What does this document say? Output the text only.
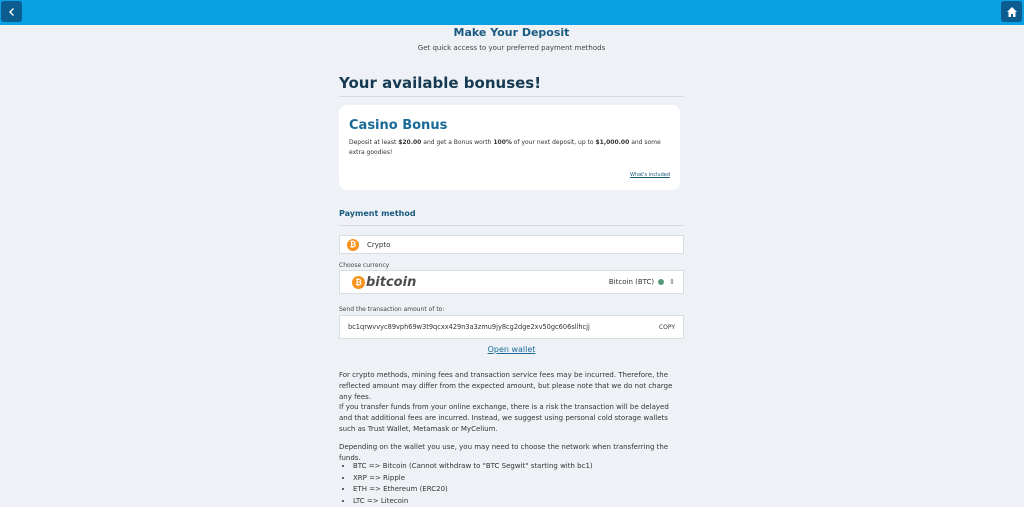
Make Your Deposit
Get quick access to your preferred payment methods
Your available bonuses!
Casino Bonus

Deposit at least $20.00 and get a Bonus worth 100% of your next deposit, up to $1,000.00 and some extra goodies!

What's included
Payment method
₿	Crypto
Choose currency
₿ bitcoin	Bitcoin (BTC) ⇕
Send the transaction amount of to:
bc1qrwvvyc89vph69w3t9qcxx429n3a3zmu9jy8cg2dge2xv50gc606sllhcjj	COPY
Open wallet
For crypto methods, mining fees and transaction service fees may be incurred. Therefore, the reflected amount may differ from the expected amount, but please note that we do not charge any fees.
If you transfer funds from your online exchange, there is a risk the transaction will be delayed and that additional fees are incurred. Instead, we suggest using personal cold storage wallets such as Trust Wallet, Metamask or MyCelium.
Depending on the wallet you use, you may need to choose the network when transferring the funds.
• BTC => Bitcoin (Cannot withdraw to "BTC Segwit" starting with bc1)
• XRP => Ripple
• ETH => Ethereum (ERC20)
• LTC => Litecoin
